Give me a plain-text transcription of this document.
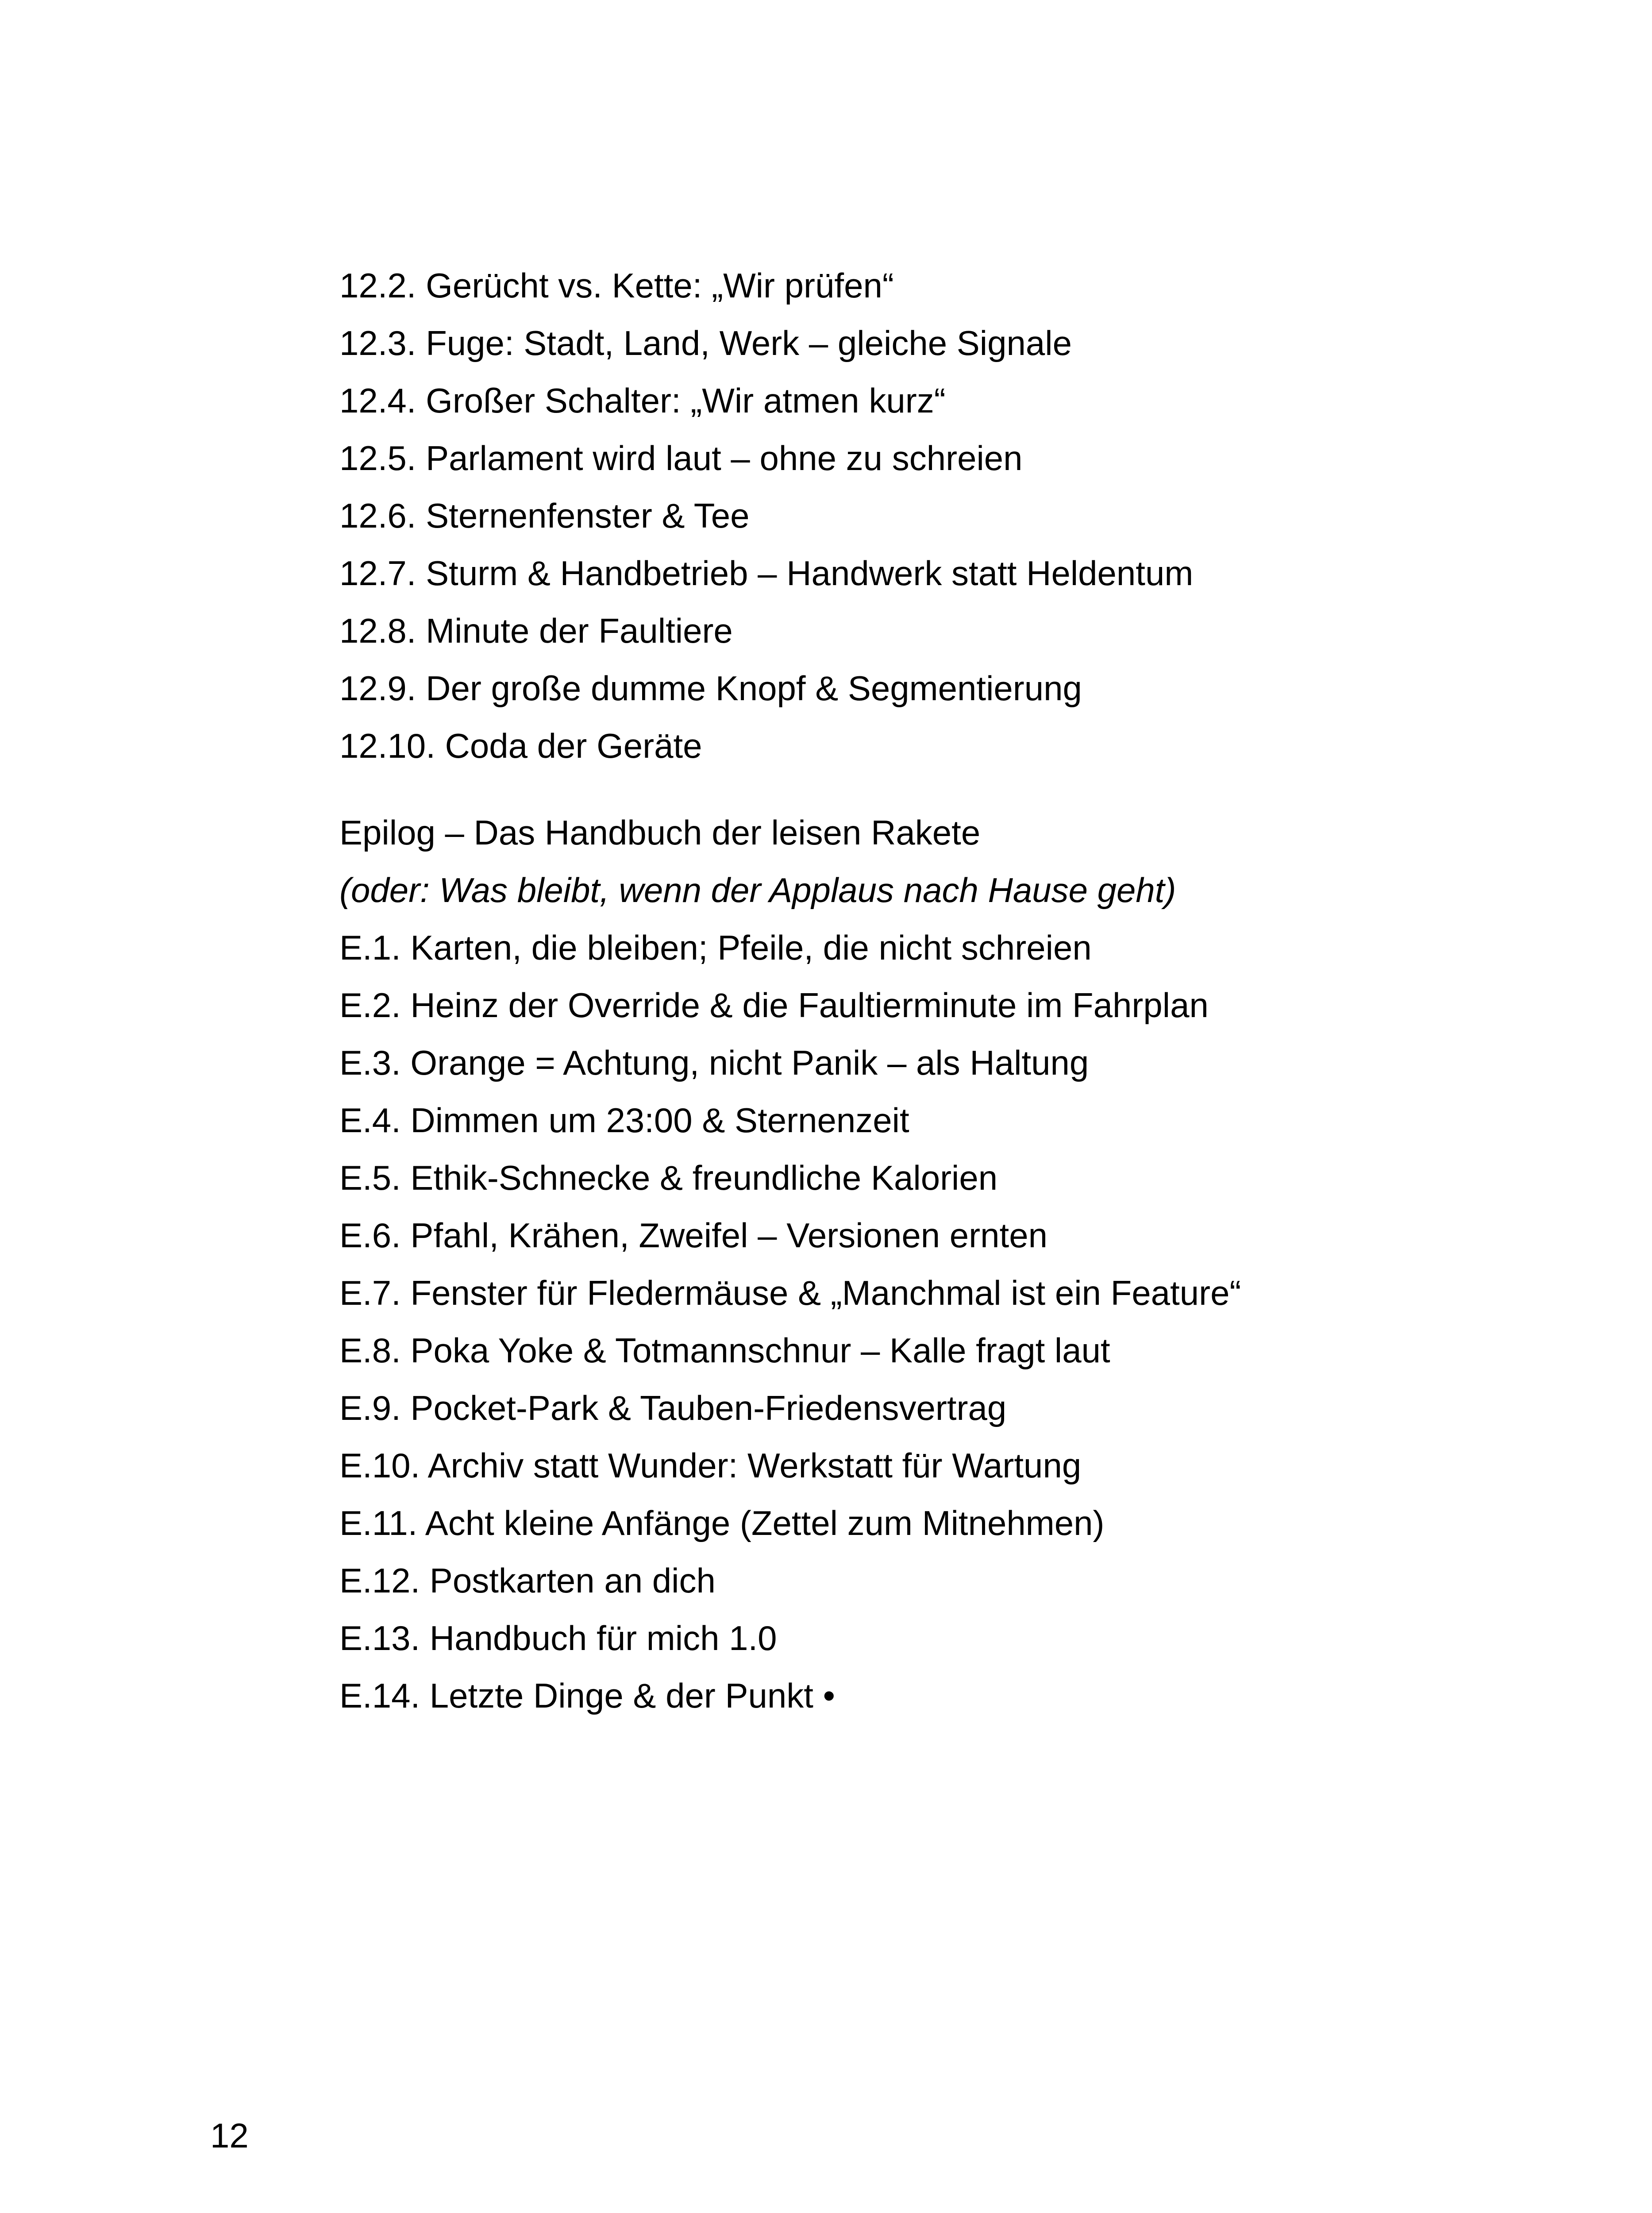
12.2. Gerücht vs. Kette: „Wir prüfen“
12.3. Fuge: Stadt, Land, Werk – gleiche Signale
12.4. Großer Schalter: „Wir atmen kurz“
12.5. Parlament wird laut – ohne zu schreien
12.6. Sternenfenster & Tee
12.7. Sturm & Handbetrieb – Handwerk statt Heldentum
12.8. Minute der Faultiere
12.9. Der große dumme Knopf & Segmentierung
12.10. Coda der Geräte
Epilog – Das Handbuch der leisen Rakete
(oder: Was bleibt, wenn der Applaus nach Hause geht)
E.1. Karten, die bleiben; Pfeile, die nicht schreien
E.2. Heinz der Override & die Faultierminute im Fahrplan
E.3. Orange = Achtung, nicht Panik – als Haltung
E.4. Dimmen um 23:00 & Sternenzeit
E.5. Ethik-Schnecke & freundliche Kalorien
E.6. Pfahl, Krähen, Zweifel – Versionen ernten
E.7. Fenster für Fledermäuse & „Manchmal ist ein Feature“
E.8. Poka Yoke & Totmannschnur – Kalle fragt laut
E.9. Pocket-Park & Tauben-Friedensvertrag
E.10. Archiv statt Wunder: Werkstatt für Wartung
E.11. Acht kleine Anfänge (Zettel zum Mitnehmen)
E.12. Postkarten an dich
E.13. Handbuch für mich 1.0
E.14. Letzte Dinge & der Punkt •
12
